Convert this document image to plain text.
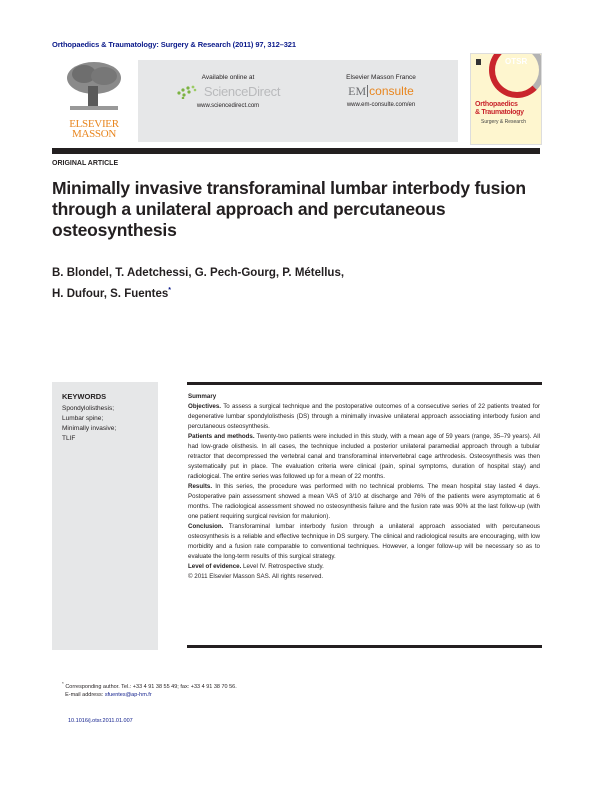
Orthopaedics & Traumatology: Surgery & Research (2011) 97, 312–321
ELSEVIER
MASSON
Available online at
ScienceDirect
www.sciencedirect.com
Elsevier Masson France
EM consulte
www.em-consulte.com/en
OTSR
Orthopaedics
& Traumatology
Surgery & Research
ORIGINAL ARTICLE
Minimally invasive transforaminal lumbar interbody fusion through a unilateral approach and percutaneous osteosynthesis
B. Blondel, T. Adetchessi, G. Pech-Gourg, P. Métellus,
H. Dufour, S. Fuentes*
KEYWORDS
Spondylolisthesis;
Lumbar spine;
Minimally invasive;
TLIF

Summary

Objectives. To assess a surgical technique and the postoperative outcomes of a consecutive series of 22 patients treated for degenerative lumbar spondylolisthesis (DS) through a minimally invasive unilateral approach associating interbody fusion and percutaneous osteosynthesis.

Patients and methods. Twenty-two patients were included in this study, with a mean age of 59 years (range, 35–79 years). All had low-grade olisthesis. In all cases, the technique included a posterior unilateral paramedial approach through a tubular retractor that decompressed the vertebral canal and transforaminal intervertebral cage arthrodesis. Osteosynthesis was then systematically put in place. The evaluation criteria were clinical (pain, spinal symptoms, duration of hospital stay) and radiological. The entire series was followed up for a mean of 22 months.

Results. In this series, the procedure was performed with no technical problems. The mean hospital stay lasted 4 days. Postoperative pain assessment showed a mean VAS of 3/10 at discharge and 76% of the patients were asymptomatic at 6 months. The radiological assessment showed no osteosynthesis failure and the fusion rate was 90% at the last follow-up (with one patient requiring surgical revision for malunion).

Conclusion. Transforaminal lumbar interbody fusion through a unilateral approach associated with percutaneous osteosynthesis is a reliable and effective technique in DS surgery. The clinical and radiological results are encouraging, with low morbidity and a fusion rate comparable to conventional techniques. However, a longer follow-up will be necessary so as to evaluate the long-term results of this surgical strategy.

Level of evidence. Level IV. Retrospective study.

© 2011 Elsevier Masson SAS. All rights reserved.

* Corresponding author. Tel.: +33 4 91 38 55 49; fax: +33 4 91 38 70 56.
E-mail address: sfuentes@ap-hm.fr
10.1016/j.otsr.2011.01.007
